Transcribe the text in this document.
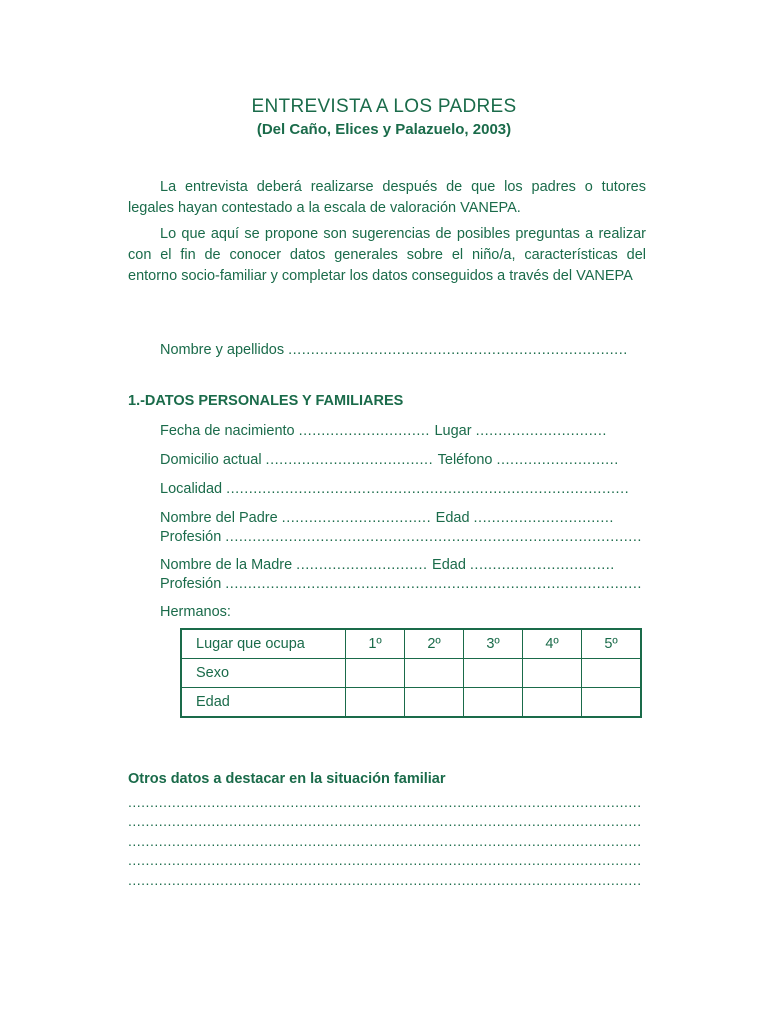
ENTREVISTA A LOS PADRES
(Del Caño, Elices y Palazuelo, 2003)
La entrevista deberá realizarse después de que los padres o tutores legales hayan contestado a la escala de valoración VANEPA.
Lo que aquí se propone son sugerencias de posibles preguntas a realizar con el fin de conocer datos generales sobre el niño/a, características del entorno socio-familiar y completar los datos conseguidos a través del VANEPA
Nombre y apellidos ...........................................................................
1.-DATOS PERSONALES Y FAMILIARES
Fecha de nacimiento ............................. Lugar .............................
Domicilio actual ..................................... Teléfono ...........................
Localidad .........................................................................................
Nombre del Padre ................................. Edad ...............................
Profesión ............................................................................................
Nombre de la Madre ............................. Edad ................................
Profesión ............................................................................................
Hermanos:
Lugar que ocupa	1º	2º	3º	4º	5º
Sexo					
Edad					
Otros datos a destacar en la situación familiar
.....................................................................................................................
.....................................................................................................................
.....................................................................................................................
.....................................................................................................................
.....................................................................................................................
